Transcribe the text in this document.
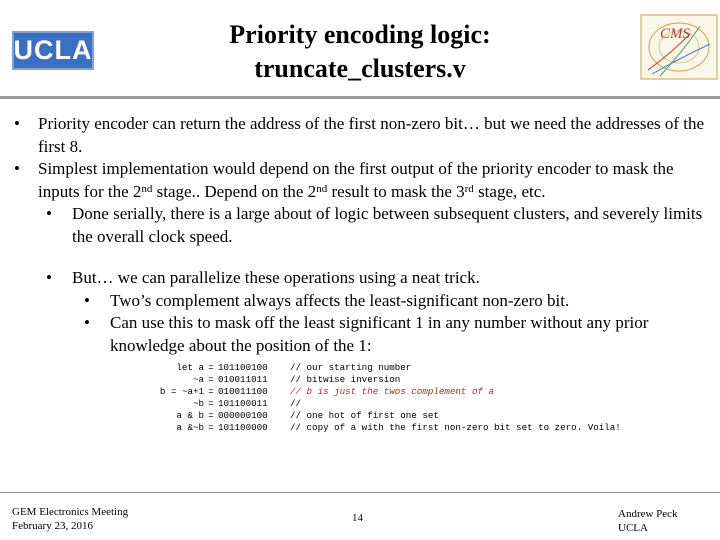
UCLA
Priority encoding logic:
truncate_clusters.v
CMS
• Priority encoder can return the address of the first non-zero bit… but we need the addresses of the first 8.
• Simplest implementation would depend on the first output of the priority encoder to mask the inputs for the 2nd stage.. Depend on the 2nd result to mask the 3rd stage, etc.
• Done serially, there is a large about of logic between subsequent clusters, and severely limits the overall clock speed.
• But… we can parallelize these operations using a neat trick.
• Two’s complement always affects the least-significant non-zero bit.
• Can use this to mask off the least significant 1 in any number without any prior knowledge about the position of the 1:
let a = 101100100	// our starting number
~a = 010011011	// bitwise inversion
b = ~a+1 = 010011100	// b is just the twos complement of a
~b = 101100011	//
a & b = 000000100	// one hot of first one set
a &~b = 101100000	// copy of a with the first non-zero bit set to zero. Voila!
GEM Electronics Meeting
February 23, 2016
14	Andrew Peck
UCLA
